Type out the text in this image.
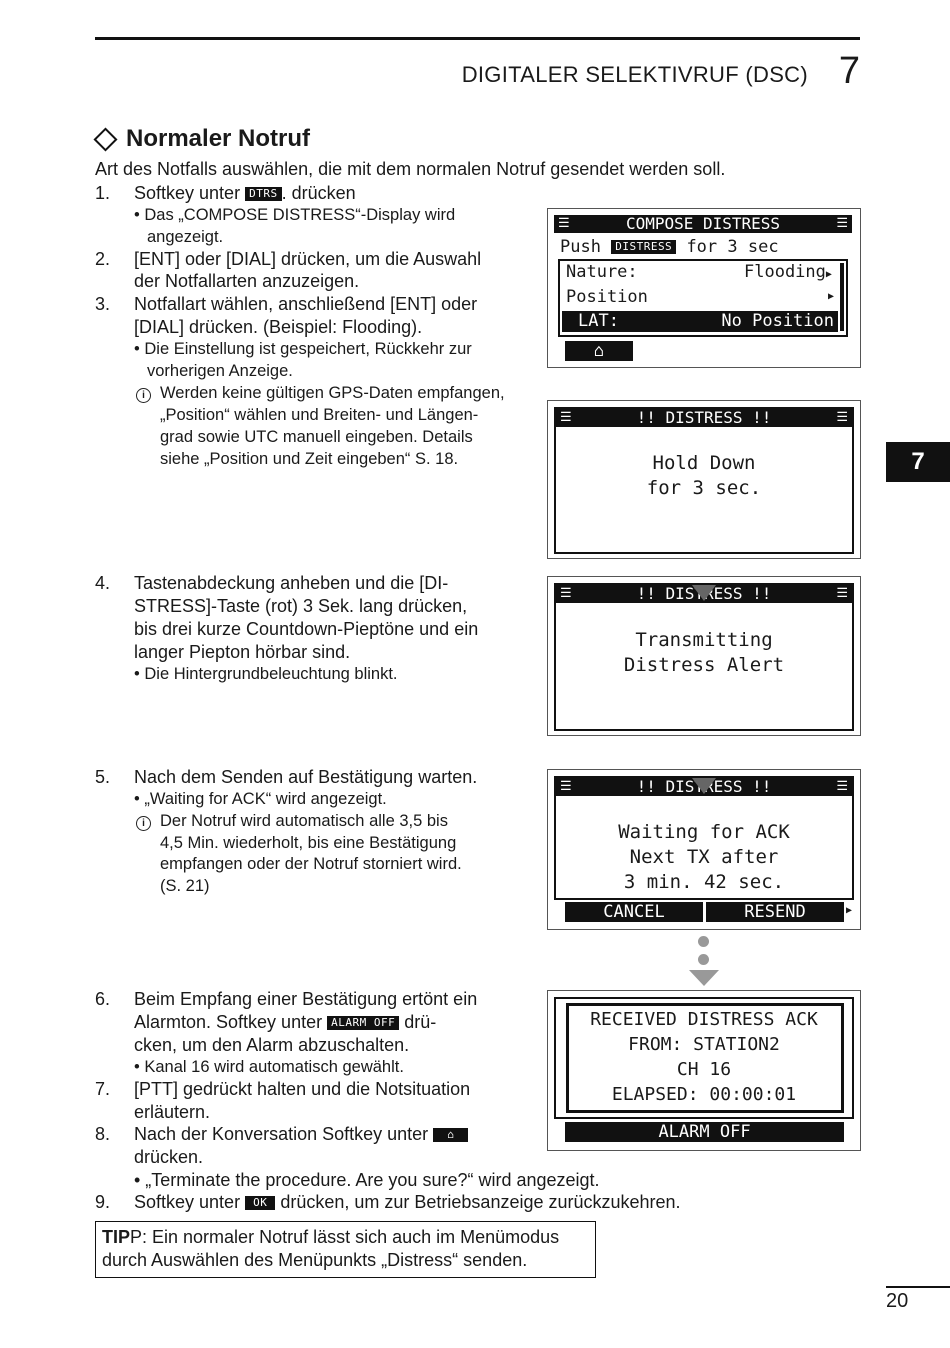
DIGITALER SELEKTIVRUF (DSC) 7
7
Normaler Notruf
Art des Notfalls auswählen, die mit dem normalen Notruf gesendet werden soll.
1. Softkey unter DTRS . drücken
• Das „COMPOSE DISTRESS“-Display wird
angezeigt.
2. [ENT] oder [DIAL] drücken, um die Auswahl
der Notfallarten anzuzeigen.
3. Notfallart wählen, anschließend [ENT] oder
[DIAL] drücken. (Beispiel: Flooding).
• Die Einstellung ist gespeichert, Rückkehr zur
vorherigen Anzeige.
i Werden keine gültigen GPS-Daten empfangen,
„Position“ wählen und Breiten- und Längen-
grad sowie UTC manuell eingeben. Details
siehe „Position und Zeit eingeben“ S. 18.
4. Tastenabdeckung anheben und die [DI-
STRESS]-Taste (rot) 3 Sek. lang drücken,
bis drei kurze Countdown-Pieptöne und ein
langer Piepton hörbar sind.
• Die Hintergrundbeleuchtung blinkt.
5. Nach dem Senden auf Bestätigung warten.
• „Waiting for ACK“ wird angezeigt.
i Der Notruf wird automatisch alle 3,5 bis
4,5 Min. wiederholt, bis eine Bestätigung
empfangen oder der Notruf storniert wird.
(S. 21)
6. Beim Empfang einer Bestätigung ertönt ein
Alarmton. Softkey unter ALARM OFF drü-
cken, um den Alarm abzuschalten.
• Kanal 16 wird automatisch gewählt.
7. [PTT] gedrückt halten und die Notsituation
erläutern.
8. Nach der Konversation Softkey unter ⌂
drücken.
• „Terminate the procedure. Are you sure?“ wird angezeigt.
9. Softkey unter OK drücken, um zur Betriebsanzeige zurückzukehren.
☰	COMPOSE DISTRESS	☰
Push DISTRESS for 3 sec
Nature:	Flooding▶
Position	▶
LAT:	No Position
⌂
☰	!! DISTRESS !!	☰
Hold Down
for 3 sec.
☰	!! DISTRESS !!	☰
Transmitting
Distress Alert
☰	!! DISTRESS !!	☰
Waiting for ACK
Next TX after
3 min. 42 sec.
CANCEL	RESEND	▶
RECEIVED DISTRESS ACK
FROM: STATION2
CH 16
ELAPSED: 00:00:01
ALARM OFF
TIPP: Ein normaler Notruf lässt sich auch im Menümodus
durch Auswählen des Menüpunkts „Distress“ senden.
20
